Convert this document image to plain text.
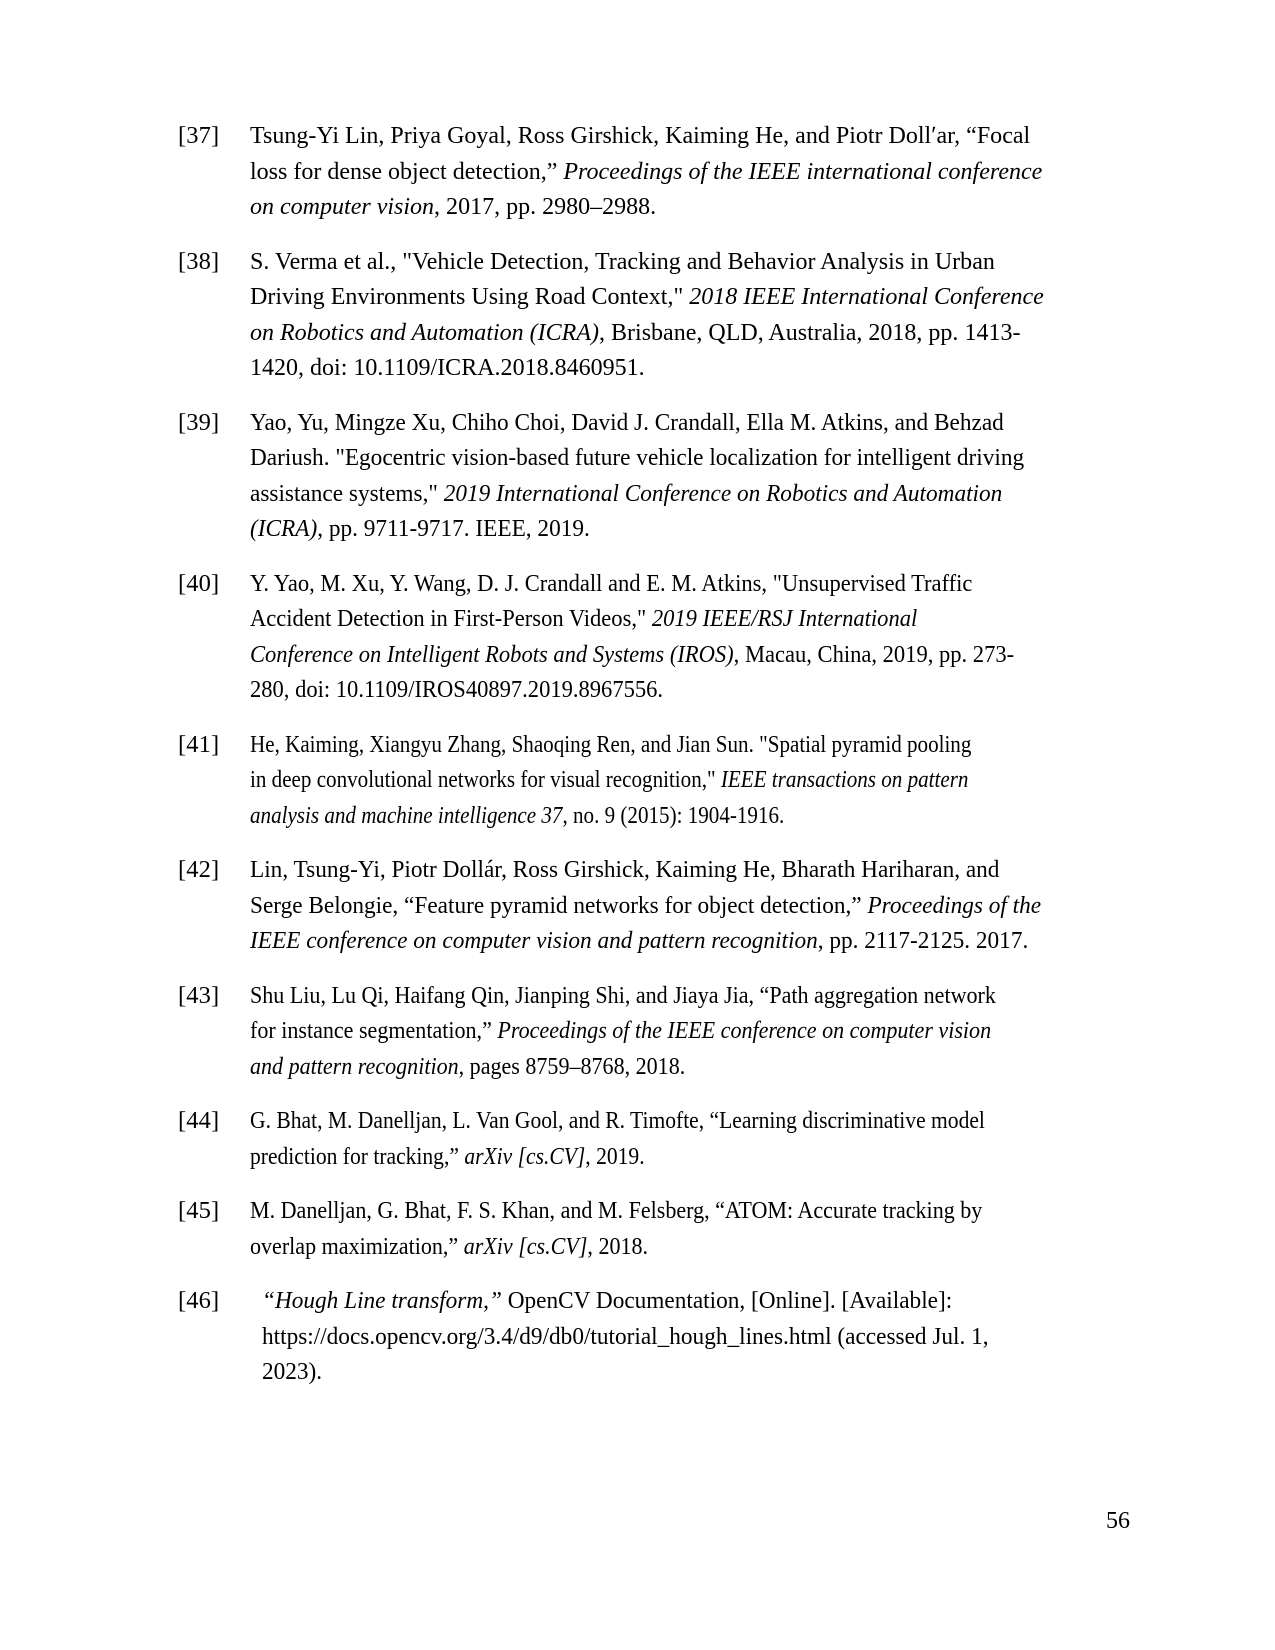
[37]	Tsung-Yi Lin, Priya Goyal, Ross Girshick, Kaiming He, and Piotr Dollʹar, “Focal
loss for dense object detection,” Proceedings of the IEEE international conference
on computer vision, 2017, pp. 2980–2988.
[38]	S. Verma et al., "Vehicle Detection, Tracking and Behavior Analysis in Urban
Driving Environments Using Road Context," 2018 IEEE International Conference
on Robotics and Automation (ICRA), Brisbane, QLD, Australia, 2018, pp. 1413-
1420, doi: 10.1109/ICRA.2018.8460951.
[39]	Yao, Yu, Mingze Xu, Chiho Choi, David J. Crandall, Ella M. Atkins, and Behzad
Dariush. "Egocentric vision-based future vehicle localization for intelligent driving
assistance systems," 2019 International Conference on Robotics and Automation
(ICRA), pp. 9711-9717. IEEE, 2019.
[40]	Y. Yao, M. Xu, Y. Wang, D. J. Crandall and E. M. Atkins, "Unsupervised Traffic
Accident Detection in First-Person Videos," 2019 IEEE/RSJ International
Conference on Intelligent Robots and Systems (IROS), Macau, China, 2019, pp. 273-
280, doi: 10.1109/IROS40897.2019.8967556.
[41]	He, Kaiming, Xiangyu Zhang, Shaoqing Ren, and Jian Sun. "Spatial pyramid pooling
in deep convolutional networks for visual recognition," IEEE transactions on pattern
analysis and machine intelligence 37, no. 9 (2015): 1904-1916.
[42]	Lin, Tsung-Yi, Piotr Dollár, Ross Girshick, Kaiming He, Bharath Hariharan, and
Serge Belongie, “Feature pyramid networks for object detection,” Proceedings of the
IEEE conference on computer vision and pattern recognition, pp. 2117-2125. 2017.
[43]	Shu Liu, Lu Qi, Haifang Qin, Jianping Shi, and Jiaya Jia, “Path aggregation network
for instance segmentation,” Proceedings of the IEEE conference on computer vision
and pattern recognition, pages 8759–8768, 2018.
[44]	G. Bhat, M. Danelljan, L. Van Gool, and R. Timofte, “Learning discriminative model
prediction for tracking,” arXiv [cs.CV], 2019.
[45]	M. Danelljan, G. Bhat, F. S. Khan, and M. Felsberg, “ATOM: Accurate tracking by
overlap maximization,” arXiv [cs.CV], 2018.
[46]	“Hough Line transform,” OpenCV Documentation, [Online]. [Available]:
https://docs.opencv.org/3.4/d9/db0/tutorial_hough_lines.html (accessed Jul. 1,
2023).
56
